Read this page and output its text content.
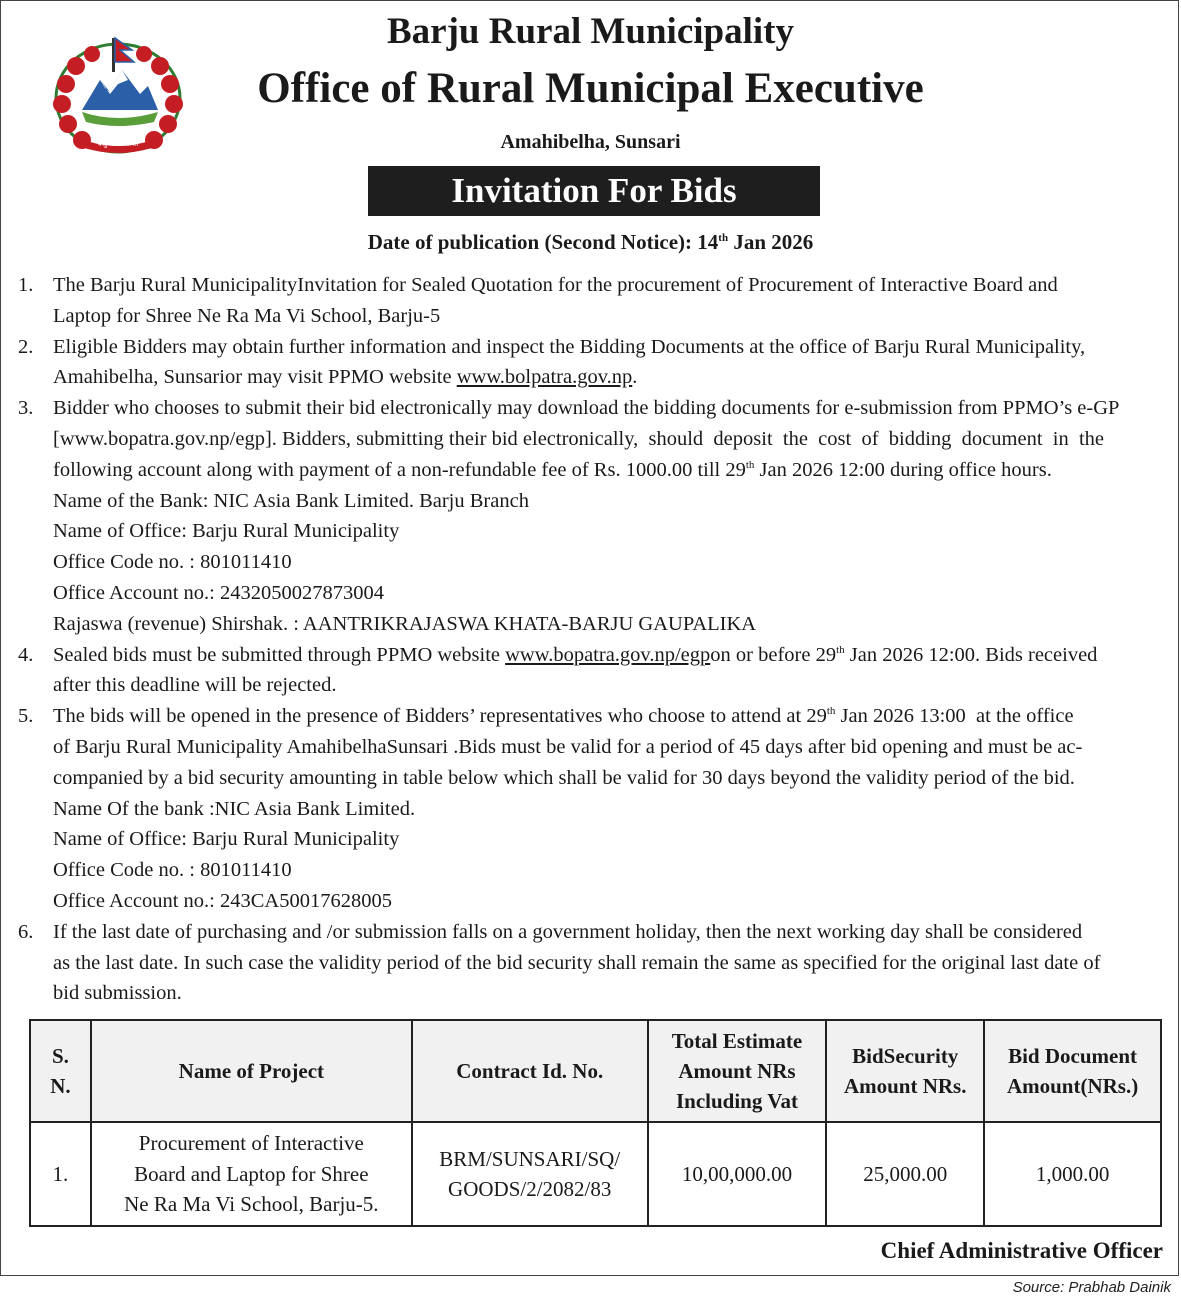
बर्जु गाउँपालिका
Barju Rural Municipality
Office of Rural Municipal Executive
Amahibelha, Sunsari
Invitation For Bids
Date of publication (Second Notice): 14th Jan 2026
1. The Barju Rural MunicipalityInvitation for Sealed Quotation for the procurement of Procurement of Interactive Board and
Laptop for Shree Ne Ra Ma Vi School, Barju-5
2. Eligible Bidders may obtain further information and inspect the Bidding Documents at the office of Barju Rural Municipality,
Amahibelha, Sunsarior may visit PPMO website www.bolpatra.gov.np.
3. Bidder who chooses to submit their bid electronically may download the bidding documents for e-submission from PPMO’s e-GP
[www.bopatra.gov.np/egp]. Bidders, submitting their bid electronically,  should  deposit  the  cost  of  bidding  document  in  the
following account along with payment of a non-refundable fee of Rs. 1000.00 till 29th Jan 2026 12:00 during office hours.
Name of the Bank: NIC Asia Bank Limited. Barju Branch
Name of Office: Barju Rural Municipality
Office Code no. : 801011410
Office Account no.: 2432050027873004
Rajaswa (revenue) Shirshak. : AANTRIKRAJASWA KHATA-BARJU GAUPALIKA
4. Sealed bids must be submitted through PPMO website www.bopatra.gov.np/egpon or before 29th Jan 2026 12:00. Bids received
after this deadline will be rejected.
5. The bids will be opened in the presence of Bidders’ representatives who choose to attend at 29th Jan 2026 13:00  at the office
of Barju Rural Municipality AmahibelhaSunsari .Bids must be valid for a period of 45 days after bid opening and must be ac-
companied by a bid security amounting in table below which shall be valid for 30 days beyond the validity period of the bid.
Name Of the bank :NIC Asia Bank Limited.
Name of Office: Barju Rural Municipality
Office Code no. : 801011410
Office Account no.: 243CA50017628005
6. If the last date of purchasing and /or submission falls on a government holiday, then the next working day shall be considered
as the last date. In such case the validity period of the bid security shall remain the same as specified for the original last date of
bid submission.
S.
N.	Name of Project	Contract Id. No.	Total Estimate
Amount NRs
Including Vat	BidSecurity
Amount NRs.	Bid Document
Amount(NRs.)
1.	Procurement of Interactive
Board and Laptop for Shree
Ne Ra Ma Vi School, Barju-5.	BRM/SUNSARI/SQ/
GOODS/2/2082/83	10,00,000.00	25,000.00	1,000.00
Chief Administrative Officer
Source: Prabhab Dainik
